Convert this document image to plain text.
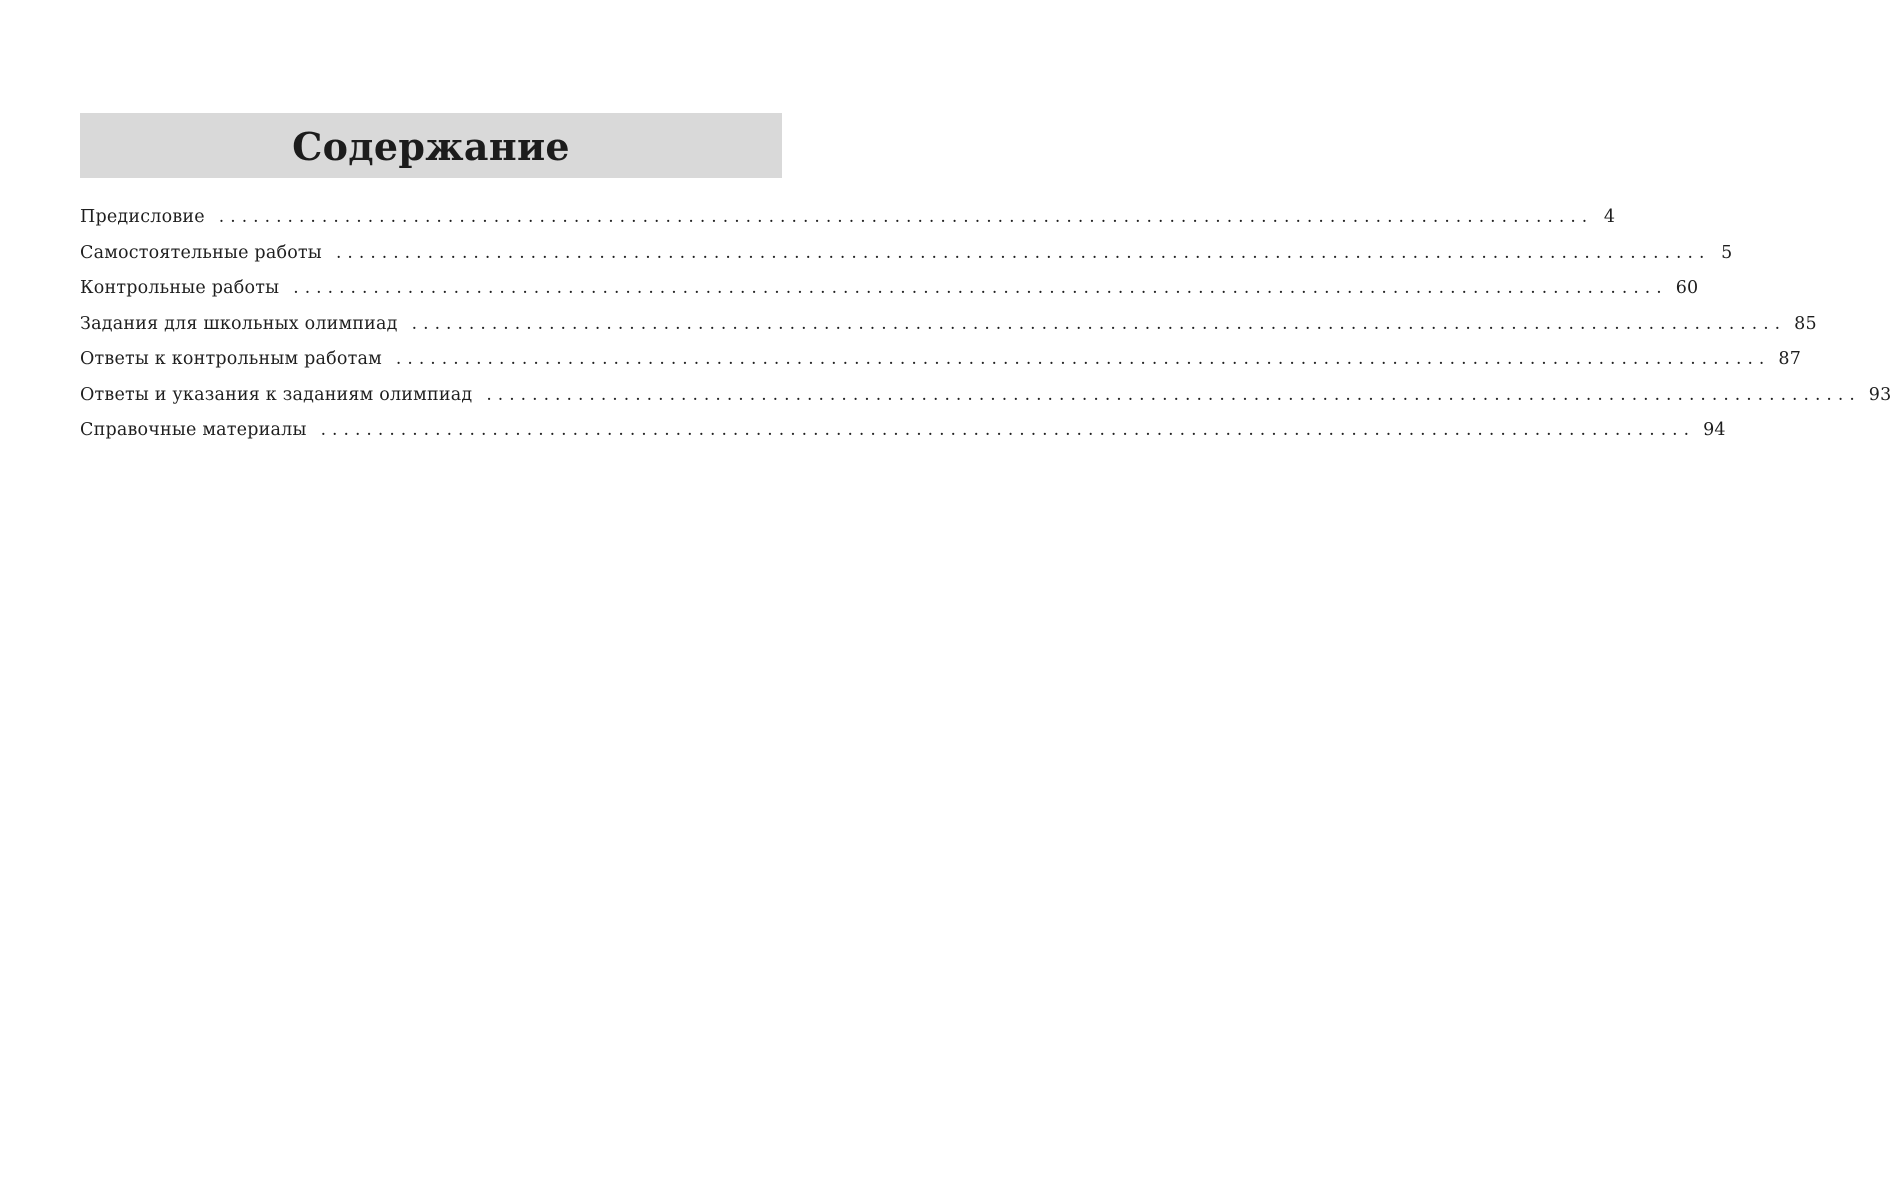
Содержание
Предисловие ........................................................................................................................ 4
Самостоятельные работы ........................................................................................................................ 5
Контрольные работы ........................................................................................................................ 60
Задания для школьных олимпиад ........................................................................................................................ 85
Ответы к контрольным работам ........................................................................................................................ 87
Ответы и указания к заданиям олимпиад ........................................................................................................................ 93
Справочные материалы ........................................................................................................................ 94
